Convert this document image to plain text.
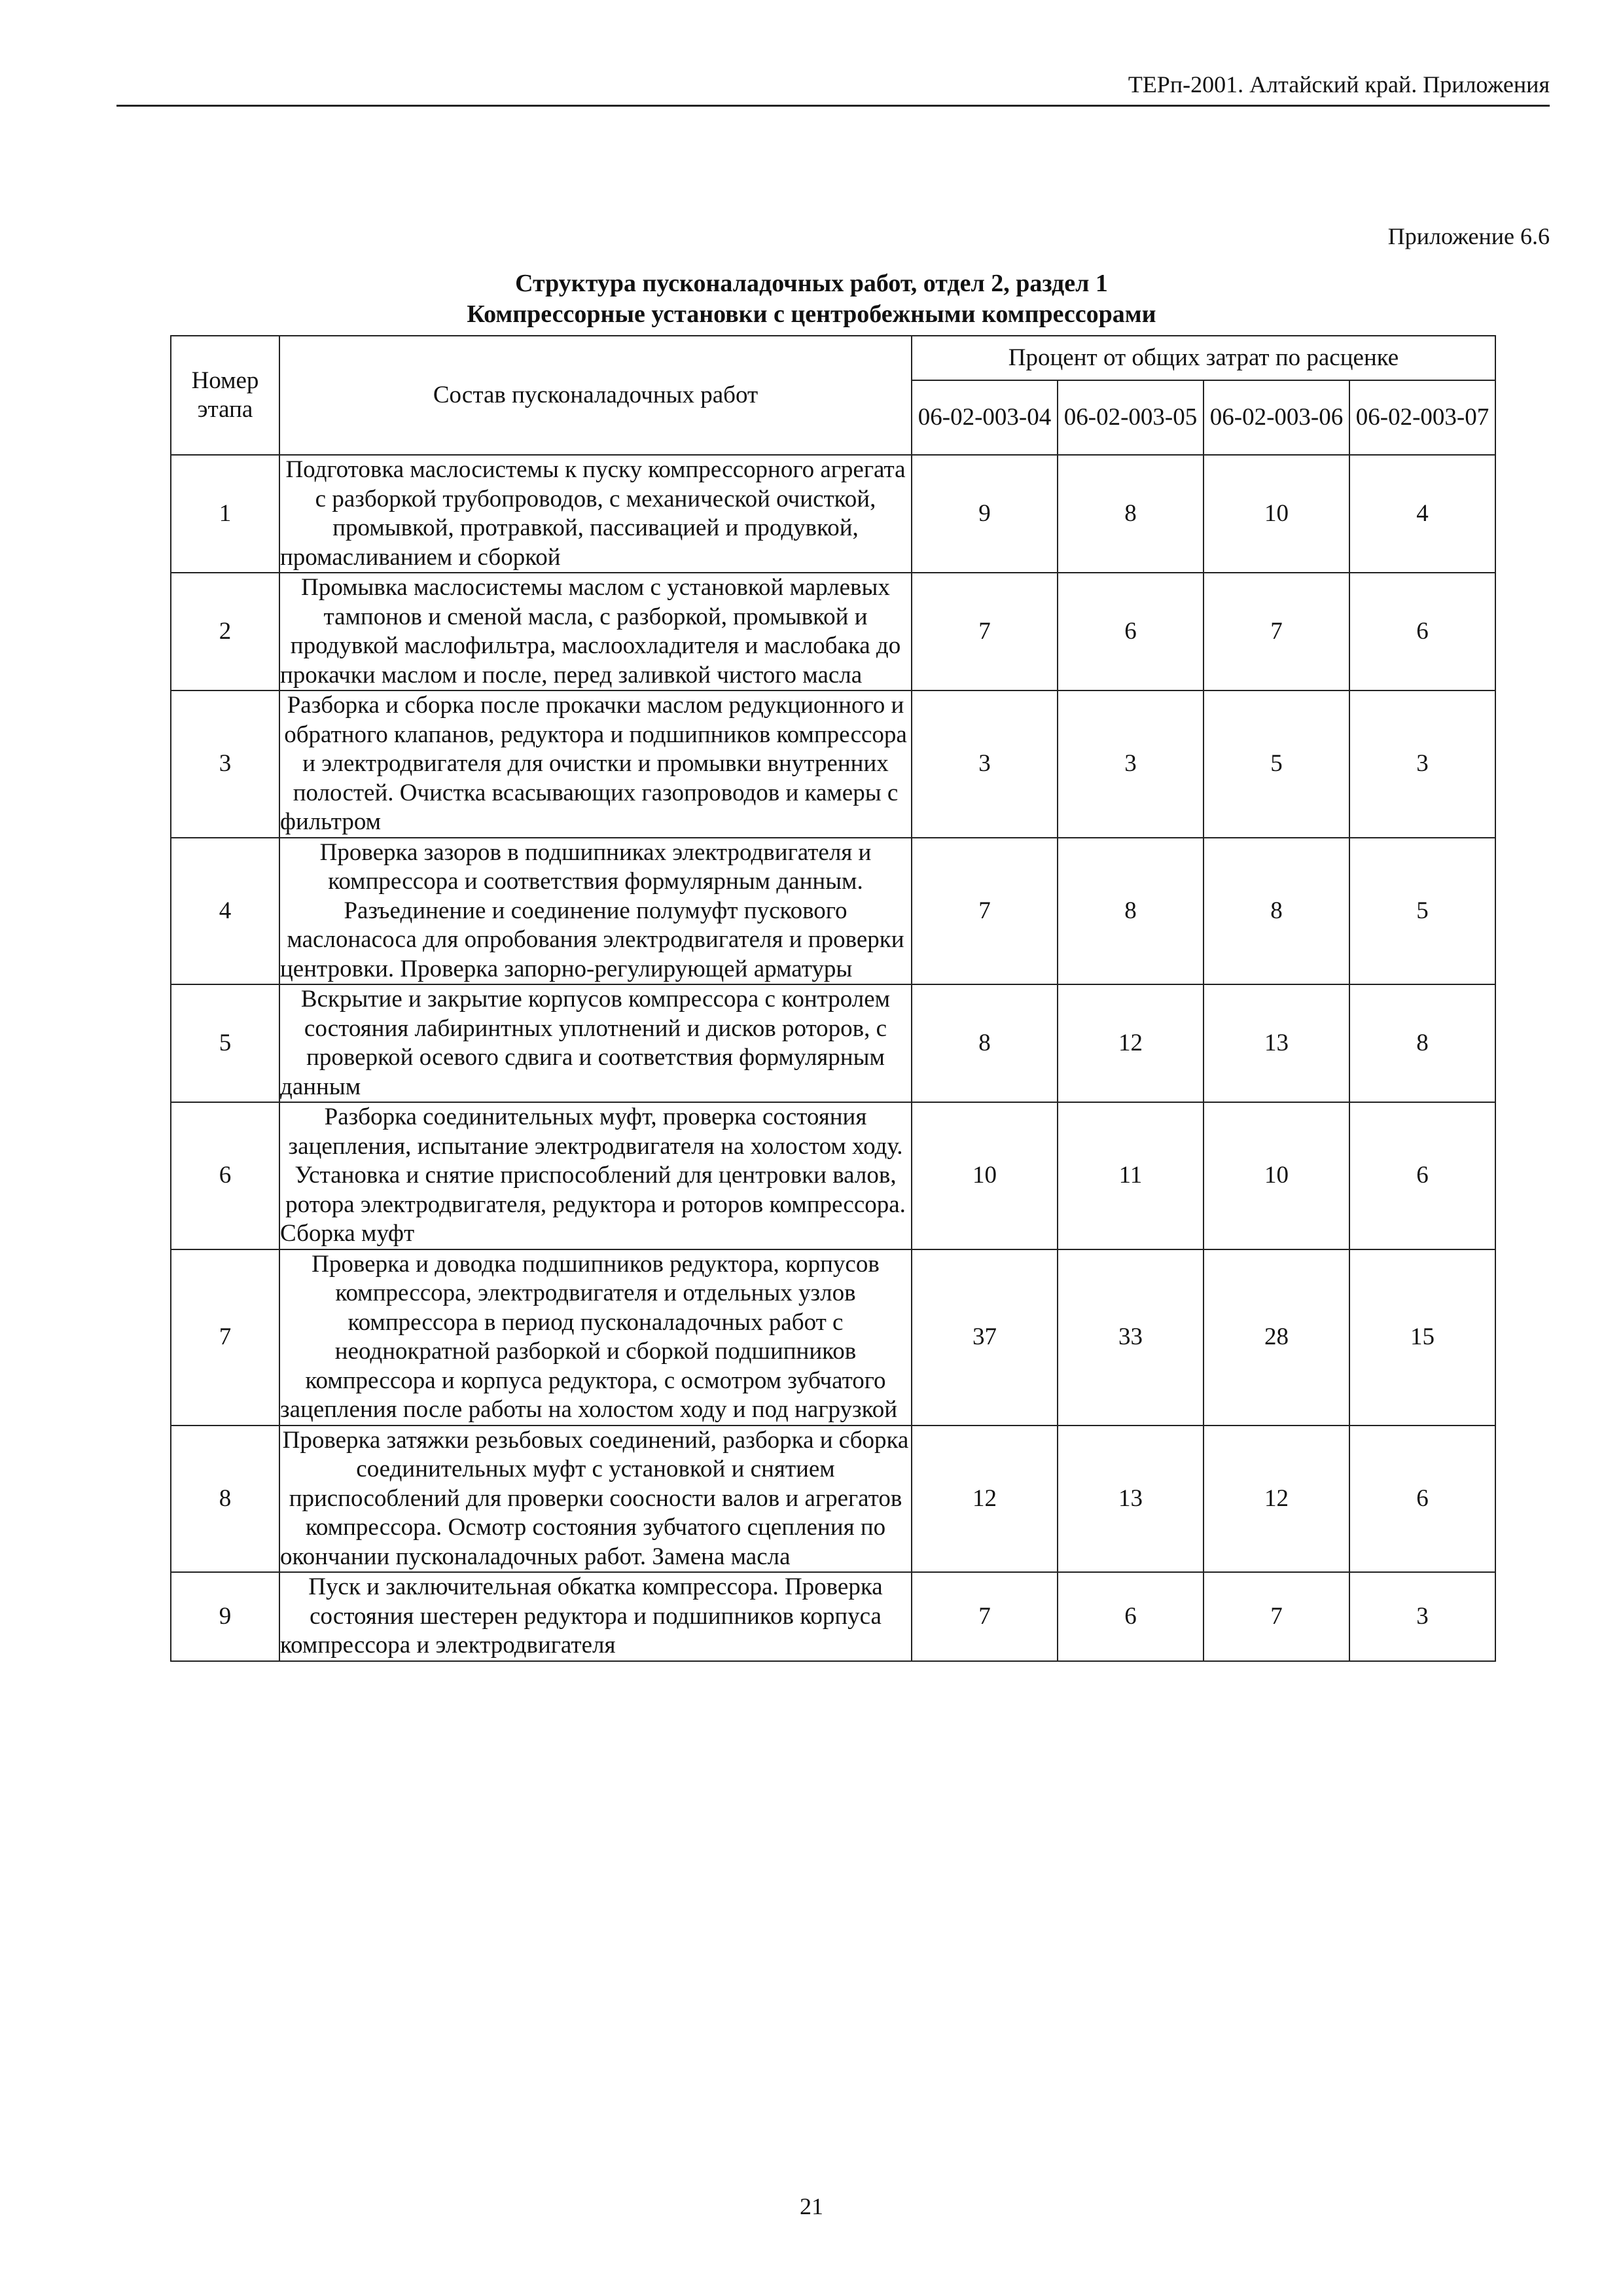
ТЕРп-2001. Алтайский край. Приложения
Приложение 6.6
Структура пусконаладочных работ, отдел 2, раздел 1
Компрессорные установки с центробежными компрессорами
Номер этапа	Состав пусконаладочных работ	Процент от общих затрат по расценке			
		06-02-003-04	06-02-003-05	06-02-003-06	06-02-003-07
1	Подготовка маслосистемы к пуску компрессорного агрегата с разборкой трубопроводов, с механической очисткой, промывкой, протравкой, пассивацией и продувкой, промасливанием и сборкой	9	8	10	4
2	Промывка маслосистемы маслом с установкой марлевых тампонов и сменой масла, с разборкой, промывкой и продувкой маслофильтра, маслоохладителя и маслобака до прокачки маслом и после, перед заливкой чистого масла	7	6	7	6
3	Разборка и сборка после прокачки маслом редукционного и обратного клапанов, редуктора и подшипников компрессора и электродвигателя для очистки и промывки внутренних полостей. Очистка всасывающих газопроводов и камеры с фильтром	3	3	5	3
4	Проверка зазоров в подшипниках электродвигателя и компрессора и соответствия формулярным данным. Разъединение и соединение полумуфт пускового маслонасоса для опробования электродвигателя и проверки центровки. Проверка запорно-регулирующей арматуры	7	8	8	5
5	Вскрытие и закрытие корпусов компрессора с контролем состояния лабиринтных уплотнений и дисков роторов, с проверкой осевого сдвига и соответствия формулярным данным	8	12	13	8
6	Разборка соединительных муфт, проверка состояния зацепления, испытание электродвигателя на холостом ходу. Установка и снятие приспособлений для центровки валов, ротора электродвигателя, редуктора и роторов компрессора. Сборка муфт	10	11	10	6
7	Проверка и доводка подшипников редуктора, корпусов компрессора, электродвигателя и отдельных узлов компрессора в период пусконаладочных работ с неоднократной разборкой и сборкой подшипников компрессора и корпуса редуктора, с осмотром зубчатого зацепления после работы на холостом ходу и под нагрузкой	37	33	28	15
8	Проверка затяжки резьбовых соединений, разборка и сборка соединительных муфт с установкой и снятием приспособлений для проверки соосности валов и агрегатов компрессора. Осмотр состояния зубчатого сцепления по окончании пусконаладочных работ. Замена масла	12	13	12	6
9	Пуск и заключительная обкатка компрессора. Проверка состояния шестерен редуктора и подшипников корпуса компрессора и электродвигателя	7	6	7	3
21
